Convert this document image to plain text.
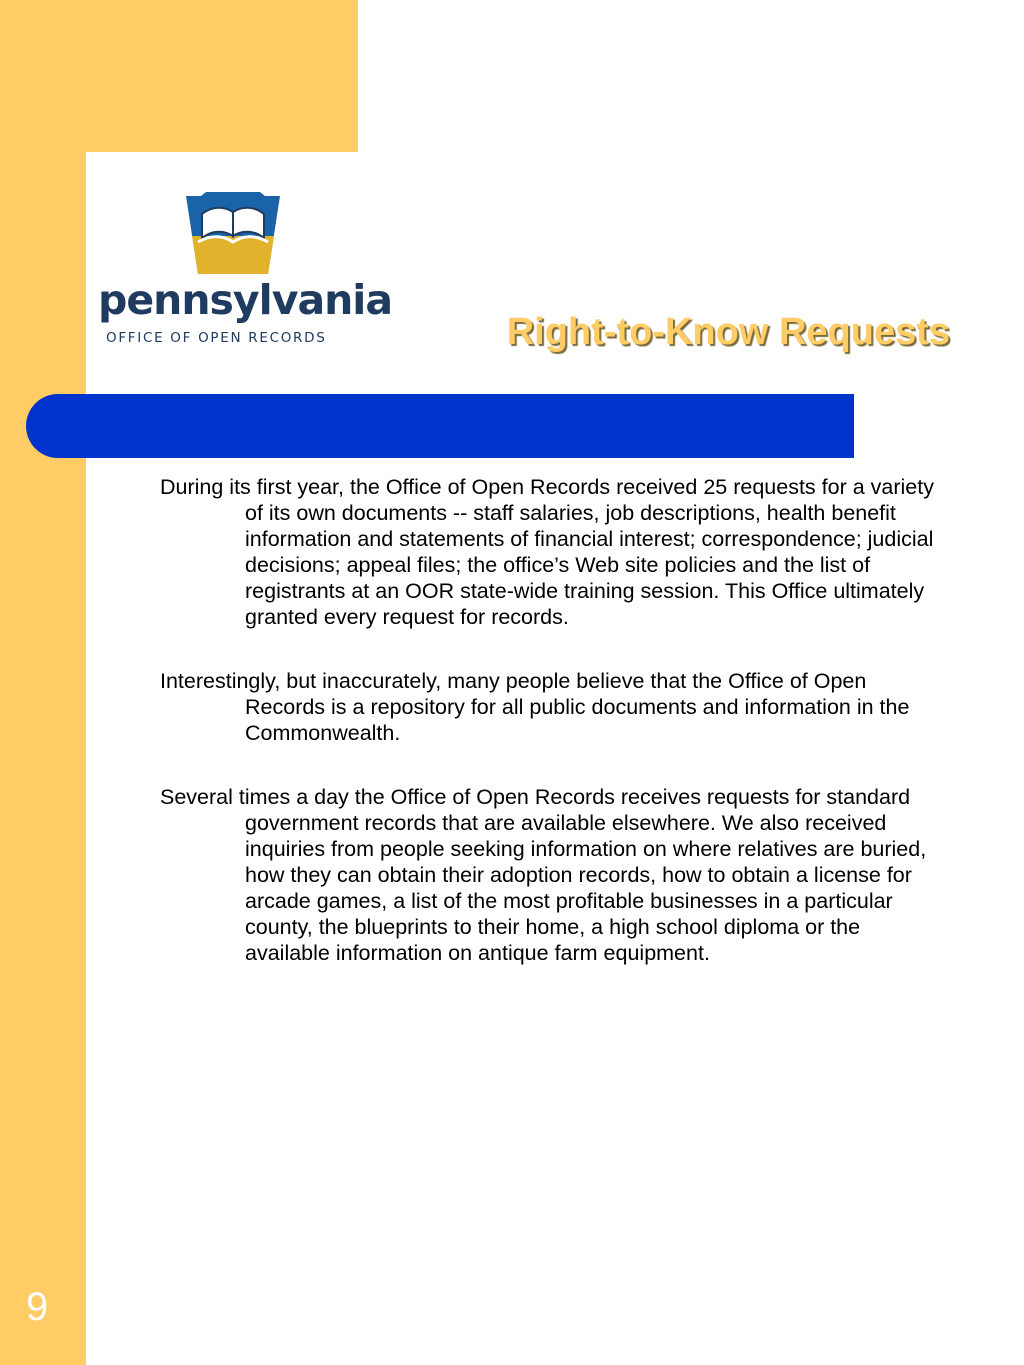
pennsylvania
OFFICE OF OPEN RECORDS	Right-to-Know Requests

During its first year, the Office of Open Records received 25 requests for a variety of its own documents -- staff salaries, job descriptions, health benefit information and statements of financial interest; correspondence; judicial decisions; appeal files; the office’s Web site policies and the list of registrants at an OOR state-wide training session. This Office ultimately granted every request for records.

Interestingly, but inaccurately, many people believe that the Office of Open Records is a repository for all public documents and information in the Commonwealth.

Several times a day the Office of Open Records receives requests for standard government records that are available elsewhere. We also received inquiries from people seeking information on where relatives are buried, how they can obtain their adoption records, how to obtain a license for arcade games, a list of the most profitable businesses in a particular county, the blueprints to their home, a high school diploma or the available information on antique farm equipment.

9
